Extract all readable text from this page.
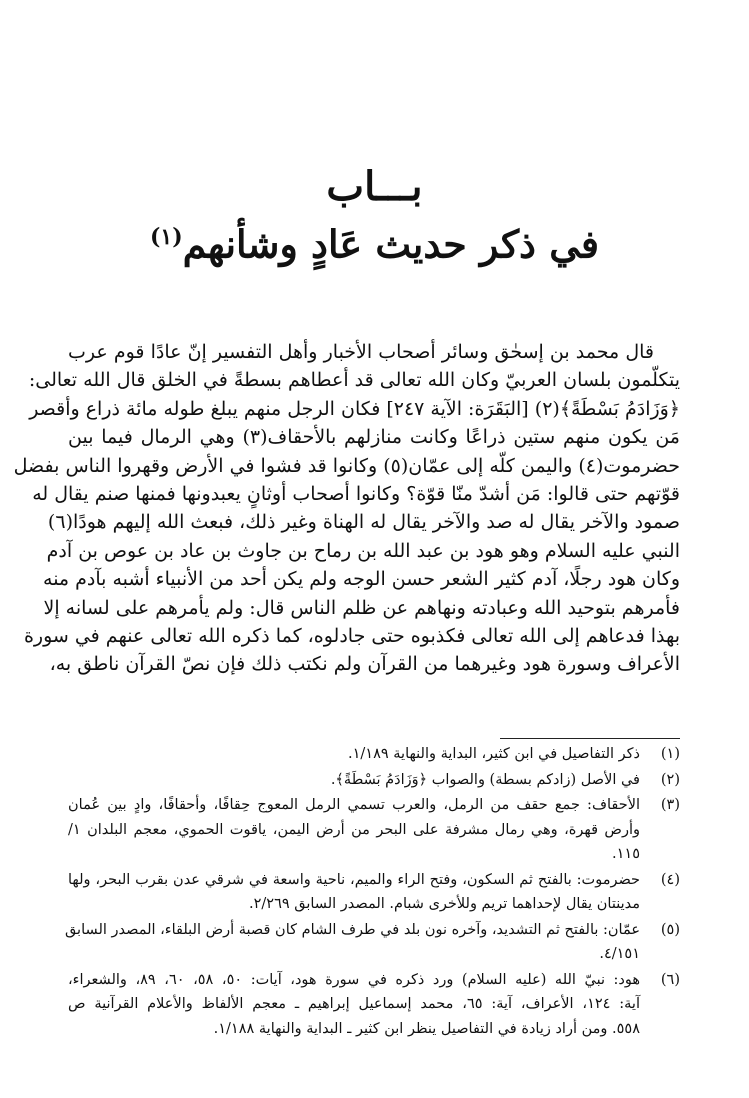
بـــاب
في ذكر حديث عَادٍ وشأنهم$^{(١)}$
قال محمد بن إسحٰق وسائر أصحاب الأخبار وأهل التفسير إنّ عادًا قوم عرب
يتكلّمون بلسان العربيّ وكان الله تعالى قد أعطاهم بسطةً في الخلق قال الله تعالى:
﴿وَزَادَمُ بَسْطَةً﴾(٢) [البَقَرَة: الآية ٢٤٧] فكان الرجل منهم يبلغ طوله مائة ذراع وأقصر
مَن يكون منهم ستين ذراعًا وكانت منازلهم بالأحقاف(٣) وهي الرمال فيما بين
حضرموت(٤) واليمن كلّه إلى عمّان(٥) وكانوا قد فشوا في الأرض وقهروا الناس بفضل
قوّتهم حتى قالوا: مَن أشدّ منّا قوّة؟ وكانوا أصحاب أوثانٍ يعبدونها فمنها صنم يقال له
صمود والآخر يقال له صد والآخر يقال له الهناة وغير ذلك، فبعث الله إليهم هودًا(٦)
النبي عليه السلام وهو هود بن عبد الله بن رماح بن جاوث بن عاد بن عوص بن آدم
وكان هود رجلًا، آدم كثير الشعر حسن الوجه ولم يكن أحد من الأنبياء أشبه بآدم منه
فأمرهم بتوحيد الله وعبادته ونهاهم عن ظلم الناس قال: ولم يأمرهم على لسانه إلا
بهذا فدعاهم إلى الله تعالى فكذبوه حتى جادلوه، كما ذكره الله تعالى عنهم في سورة
الأعراف وسورة هود وغيرهما من القرآن ولم نكتب ذلك فإن نصّ القرآن ناطق به،
(١)
ذكر التفاصيل في ابن كثير، البداية والنهاية ١/١٨٩.
(٢)
في الأصل (زادكم بسطة) والصواب ﴿وَزَادَمُ بَسْطَةً﴾.
(٣)
الأحقاف: جمع حقف من الرمل، والعرب تسمي الرمل المعوج حِقافًا، وأحقافًا، وادٍ بين عُمان
وأرض قهرة، وهي رمال مشرفة على البحر من أرض اليمن، ياقوت الحموي، معجم البلدان ١/
١١٥.
(٤)
حضرموت: بالفتح ثم السكون، وفتح الراء والميم، ناحية واسعة في شرقي عدن بقرب البحر، ولها
مدينتان يقال لإحداهما تريم وللأخرى شبام. المصدر السابق ٢/٢٦٩.
(٥)
عمّان: بالفتح ثم التشديد، وآخره نون بلد في طرف الشام كان قصبة أرض البلقاء، المصدر السابق
٤/١٥١.
(٦)
هود: نبيّ الله (عليه السلام) ورد ذكره في سورة هود، آيات: ٥٠، ٥٨، ٦٠، ٨٩، والشعراء،
آية: ١٢٤، الأعراف، آية: ٦٥، محمد إسماعيل إبراهيم ـ معجم الألفاظ والأعلام القرآنية ص
٥٥٨. ومن أراد زيادة في التفاصيل ينظر ابن كثير ـ البداية والنهاية ١/١٨٨.
